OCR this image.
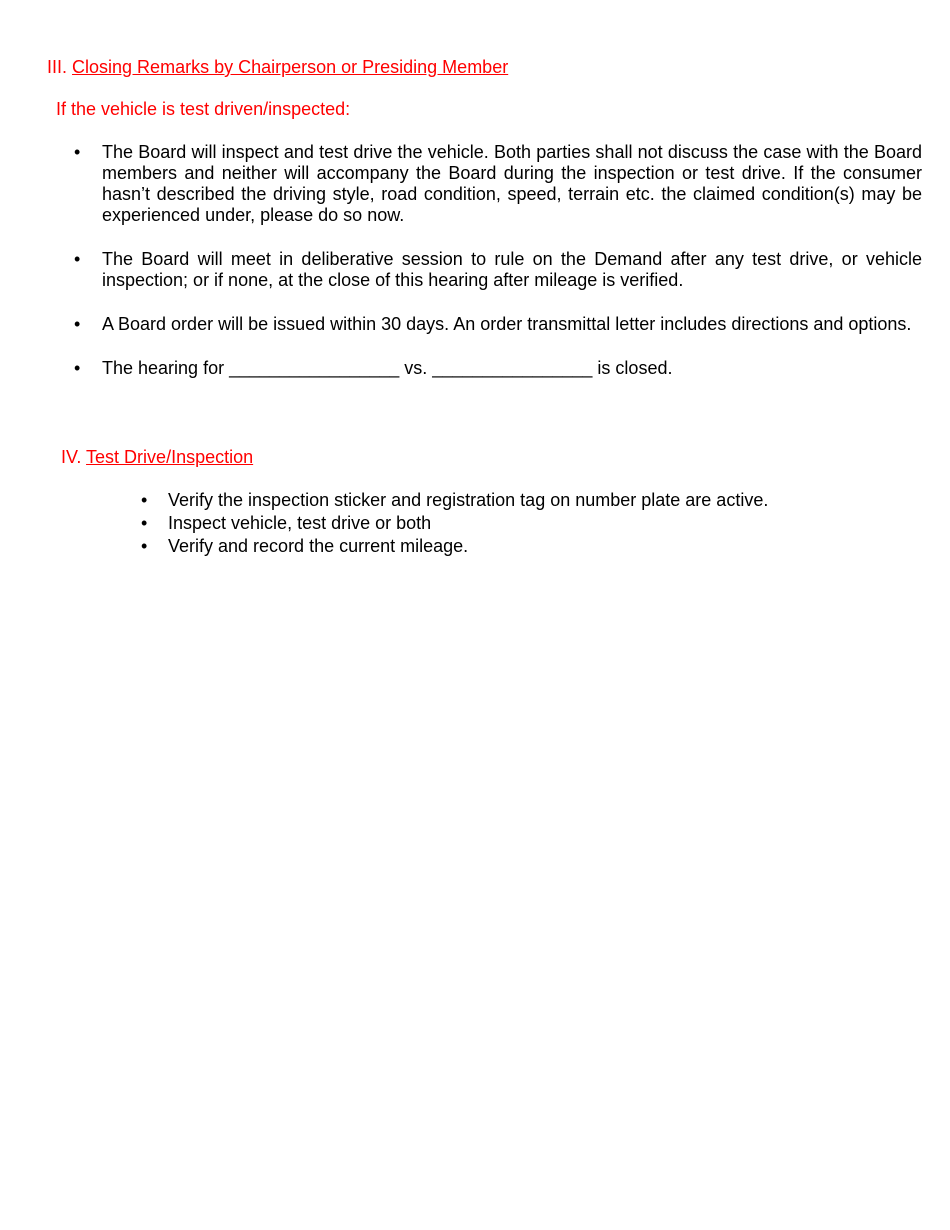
III. Closing Remarks by Chairperson or Presiding Member
If the vehicle is test driven/inspected:
• The Board will inspect and test drive the vehicle. Both parties shall not discuss the case with the Board members and neither will accompany the Board during the inspection or test drive. If the consumer hasn’t described the driving style, road condition, speed, terrain etc. the claimed condition(s) may be experienced under, please do so now.
• The Board will meet in deliberative session to rule on the Demand after any test drive, or vehicle inspection; or if none, at the close of this hearing after mileage is verified.
• A Board order will be issued within 30 days. An order transmittal letter includes directions and options.
• The hearing for _________________ vs. ________________ is closed.
IV. Test Drive/Inspection
• Verify the inspection sticker and registration tag on number plate are active.
• Inspect vehicle, test drive or both
• Verify and record the current mileage.
